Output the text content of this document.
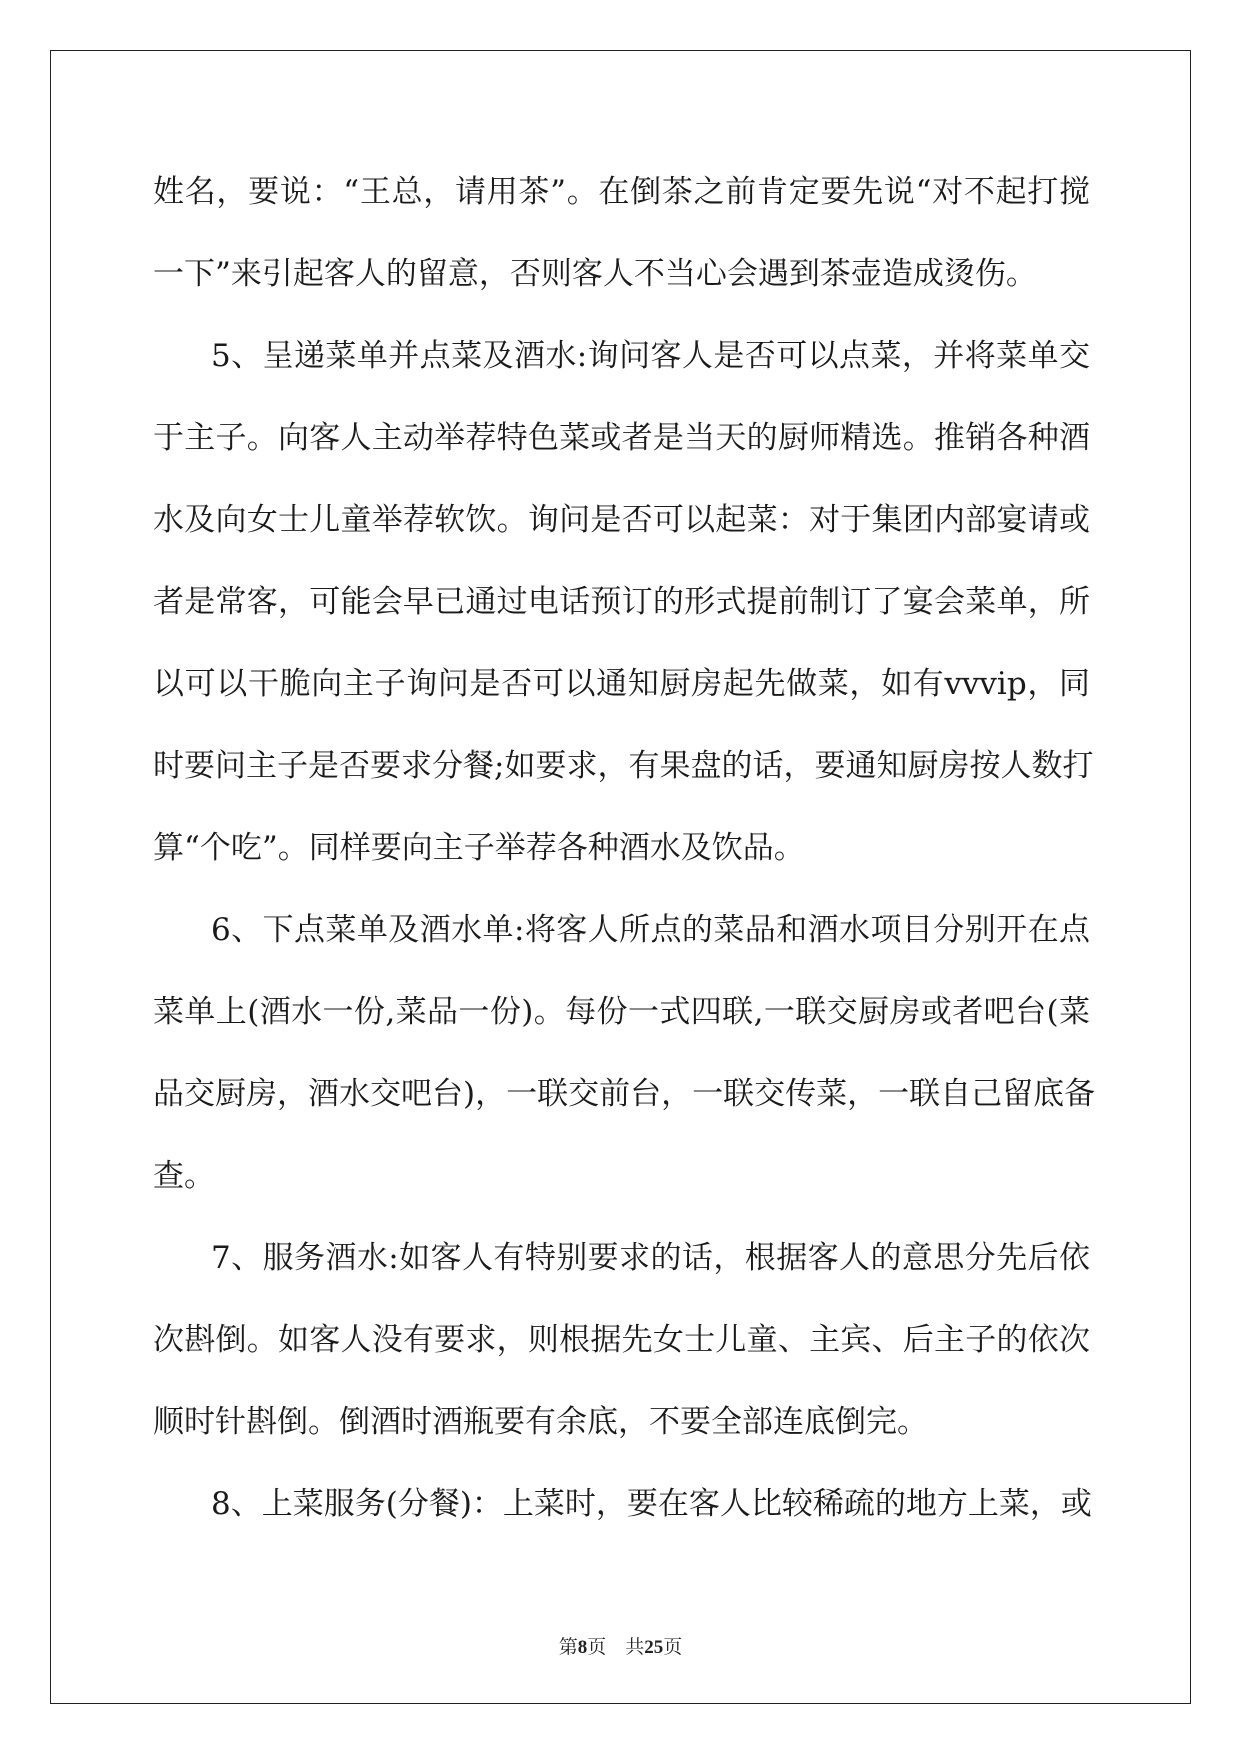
姓名，要说：“王总，请用茶”。在倒茶之前肯定要先说“对不起打搅
一下”来引起客人的留意，否则客人不当心会遇到茶壶造成烫伤。
5、呈递菜单并点菜及酒水:询问客人是否可以点菜，并将菜单交
于主子。向客人主动举荐特色菜或者是当天的厨师精选。推销各种酒
水及向女士儿童举荐软饮。询问是否可以起菜：对于集团内部宴请或
者是常客，可能会早已通过电话预订的形式提前制订了宴会菜单，所
以可以干脆向主子询问是否可以通知厨房起先做菜，如有vvvip，同
时要问主子是否要求分餐;如要求，有果盘的话，要通知厨房按人数打
算“个吃”。同样要向主子举荐各种酒水及饮品。
6、下点菜单及酒水单:将客人所点的菜品和酒水项目分别开在点
菜单上(酒水一份,菜品一份)。每份一式四联,一联交厨房或者吧台(菜
品交厨房，酒水交吧台)，一联交前台，一联交传菜，一联自己留底备
查。
7、服务酒水:如客人有特别要求的话，根据客人的意思分先后依
次斟倒。如客人没有要求，则根据先女士儿童、主宾、后主子的依次
顺时针斟倒。倒酒时酒瓶要有余底，不要全部连底倒完。
8、上菜服务(分餐)：上菜时，要在客人比较稀疏的地方上菜，或
第8页　共25页
